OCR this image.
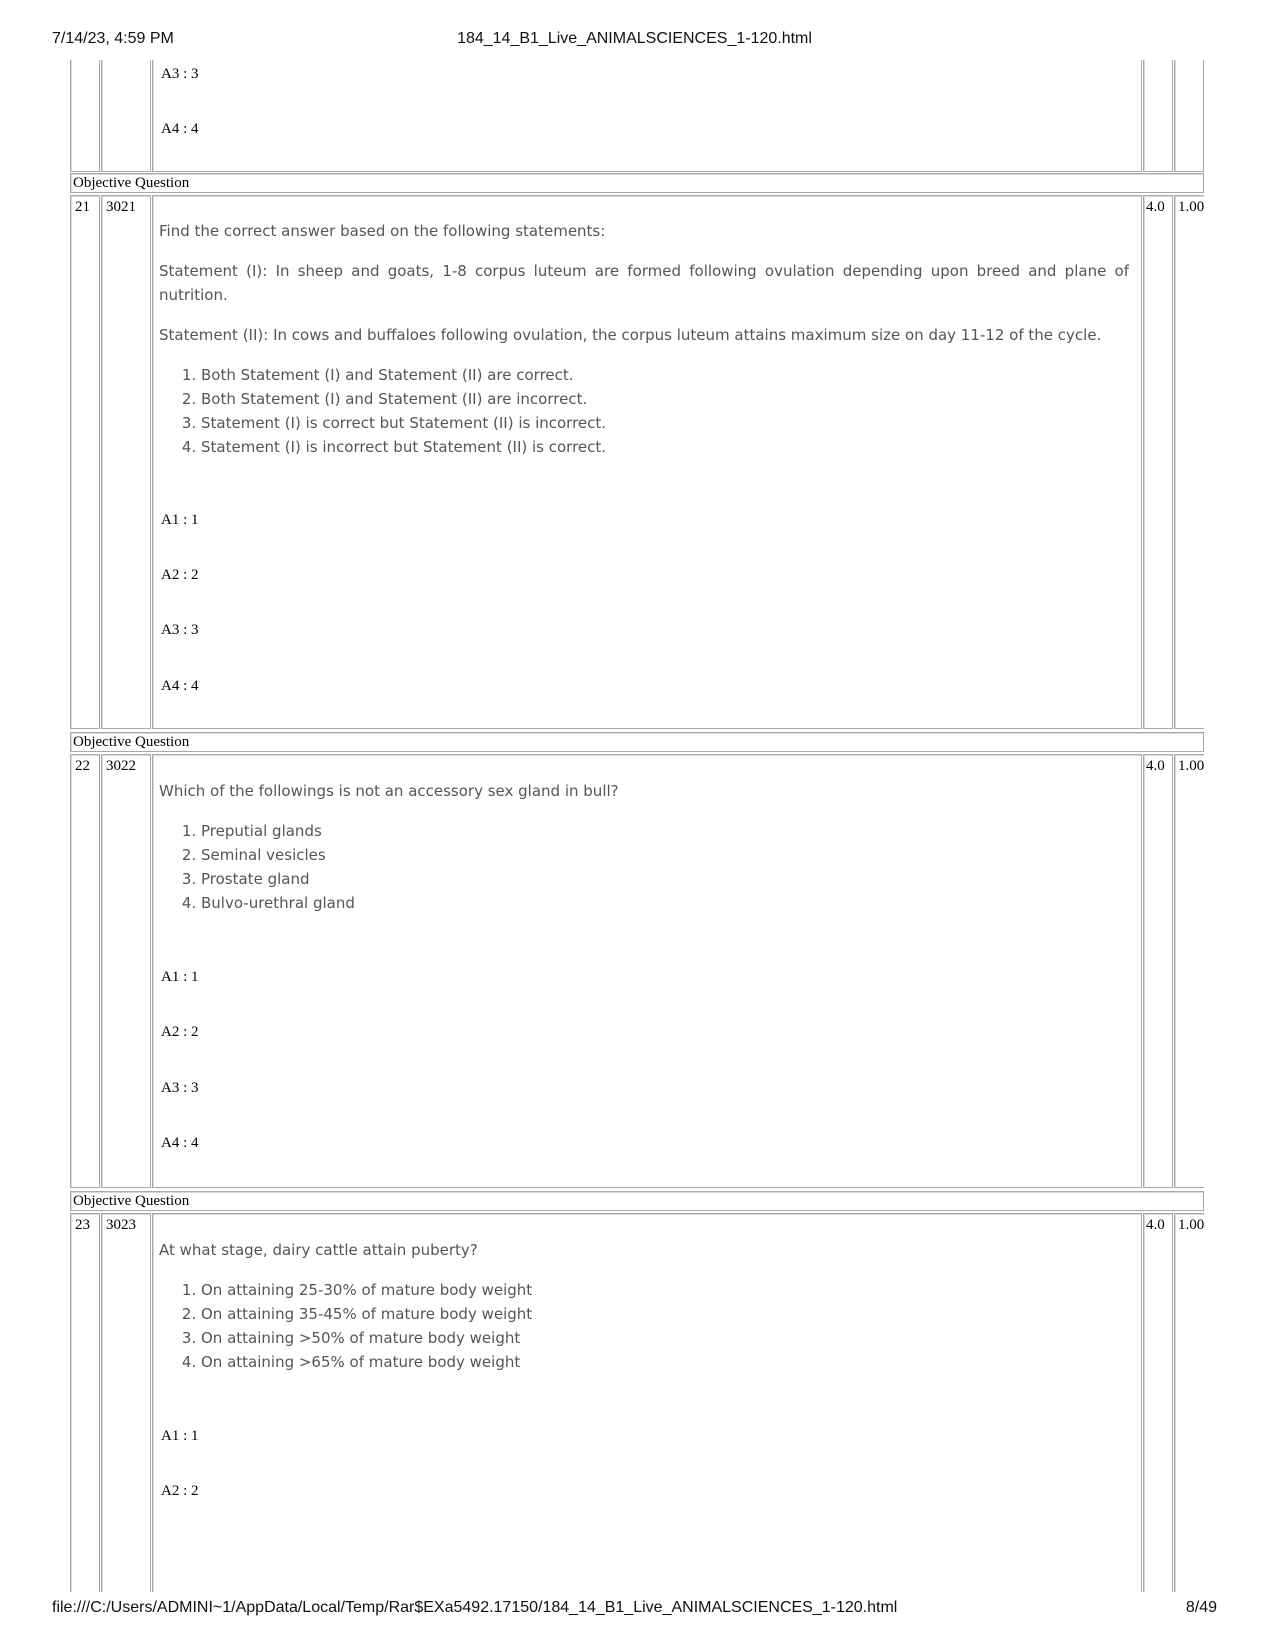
7/14/23, 4:59 PM	184_14_B1_Live_ANIMALSCIENCES_1-120.html
A3 : 3
A4 : 4
Objective Question
21	3021

Find the correct answer based on the following statements:

Statement (I): In sheep and goats, 1-8 corpus luteum are formed following ovulation depending upon breed and plane of nutrition.

Statement (II): In cows and buffaloes following ovulation, the corpus luteum attains maximum size on day 11-12 of the cycle.

1. Both Statement (I) and Statement (II) are correct.
2. Both Statement (I) and Statement (II) are incorrect.
3. Statement (I) is correct but Statement (II) is incorrect.
4. Statement (I) is incorrect but Statement (II) is correct.
A1 : 1
A2 : 2
A3 : 3
A4 : 4
4.0 1.00
Objective Question
22	3022

Which of the followings is not an accessory sex gland in bull?

1. Preputial glands
2. Seminal vesicles
3. Prostate gland
4. Bulvo-urethral gland
A1 : 1
A2 : 2
A3 : 3
A4 : 4
4.0 1.00
Objective Question
23	3023

At what stage, dairy cattle attain puberty?

1. On attaining 25-30% of mature body weight
2. On attaining 35-45% of mature body weight
3. On attaining >50% of mature body weight
4. On attaining >65% of mature body weight
A1 : 1
A2 : 2
4.0 1.00
file:///C:/Users/ADMINI~1/AppData/Local/Temp/Rar$EXa5492.17150/184_14_B1_Live_ANIMALSCIENCES_1-120.html	8/49
